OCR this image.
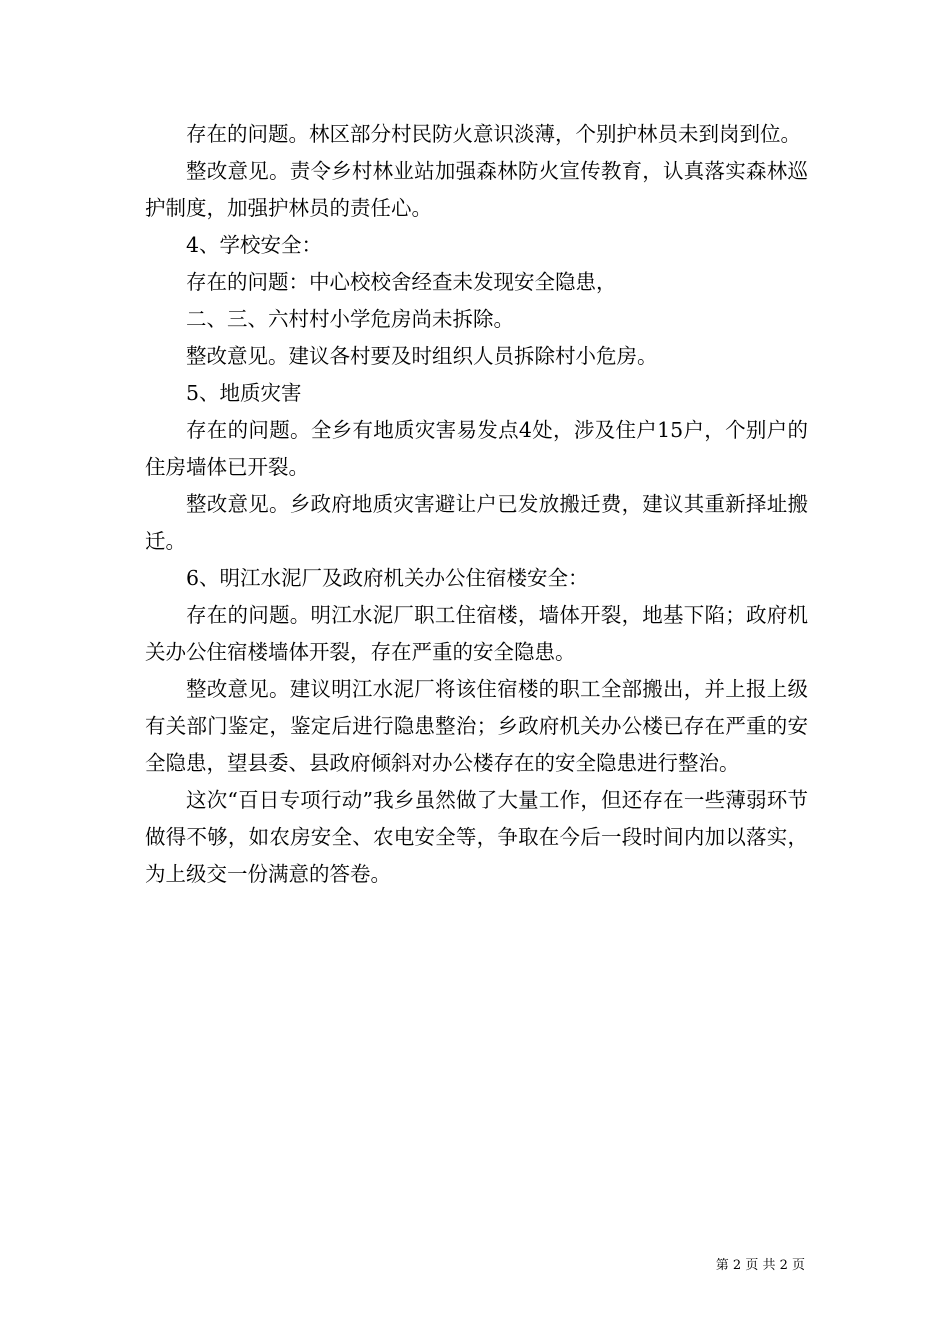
存在的问题。林区部分村民防火意识淡薄，个别护林员未到岗到位。

整改意见。责令乡村林业站加强森林防火宣传教育，认真落实森林巡护制度，加强护林员的责任心。

4、学校安全：

存在的问题：中心校校舍经查未发现安全隐患，

二、三、六村村小学危房尚未拆除。

整改意见。建议各村要及时组织人员拆除村小危房。

5、地质灾害

存在的问题。全乡有地质灾害易发点4处，涉及住户15户，个别户的住房墙体已开裂。

整改意见。乡政府地质灾害避让户已发放搬迁费，建议其重新择址搬迁。

6、明江水泥厂及政府机关办公住宿楼安全：

存在的问题。明江水泥厂职工住宿楼，墙体开裂，地基下陷；政府机关办公住宿楼墙体开裂，存在严重的安全隐患。

整改意见。建议明江水泥厂将该住宿楼的职工全部搬出，并上报上级有关部门鉴定，鉴定后进行隐患整治；乡政府机关办公楼已存在严重的安全隐患，望县委、县政府倾斜对办公楼存在的安全隐患进行整治。

这次“百日专项行动”我乡虽然做了大量工作，但还存在一些薄弱环节做得不够，如农房安全、农电安全等，争取在今后一段时间内加以落实，为上级交一份满意的答卷。

第 2 页 共 2 页
